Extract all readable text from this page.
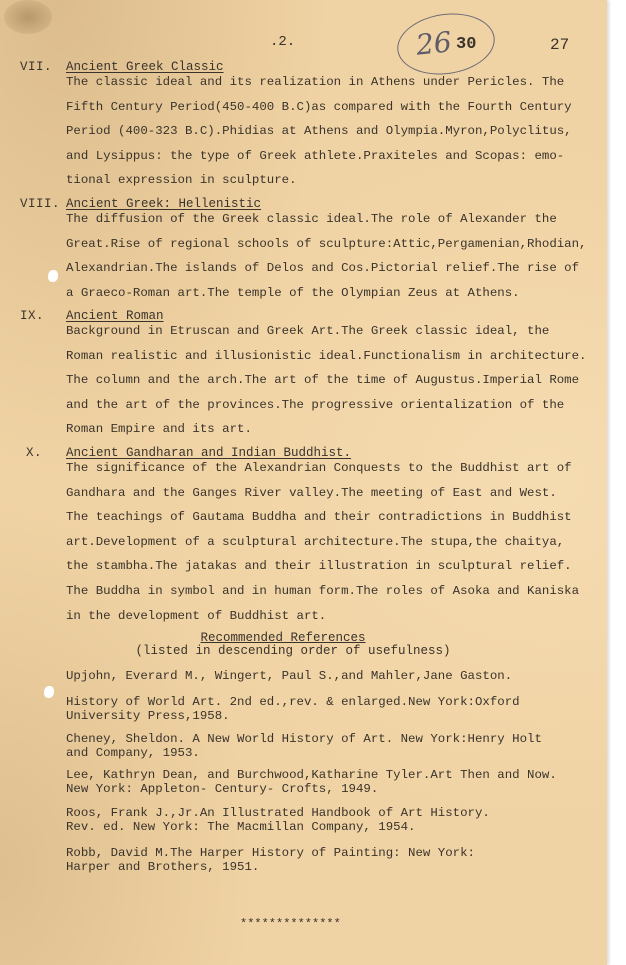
.2.	26 30	27
VII. Ancient Greek Classic

The classic ideal and its realization in Athens under Pericles. The
Fifth Century Period(450-400 B.C)as compared with the Fourth Century
Period (400-323 B.C).Phidias at Athens and Olympia.Myron,Polyclitus,
and Lysippus: the type of Greek athlete.Praxiteles and Scopas: emo-
tional expression in sculpture.

VIII. Ancient Greek: Hellenistic

The diffusion of the Greek classic ideal.The role of Alexander the
Great.Rise of regional schools of sculpture:Attic,Pergamenian,Rhodian,
Alexandrian.The islands of Delos and Cos.Pictorial relief.The rise of
a Graeco-Roman art.The temple of the Olympian Zeus at Athens.

IX. Ancient Roman

Background in Etruscan and Greek Art.The Greek classic ideal, the
Roman realistic and illusionistic ideal.Functionalism in architecture.
The column and the arch.The art of the time of Augustus.Imperial Rome
and the art of the provinces.The progressive orientalization of the
Roman Empire and its art.

X. Ancient Gandharan and Indian Buddhist.

The significance of the Alexandrian Conquests to the Buddhist art of
Gandhara and the Ganges River valley.The meeting of East and West.
The teachings of Gautama Buddha and their contradictions in Buddhist
art.Development of a sculptural architecture.The stupa,the chaitya,
the stambha.The jatakas and their illustration in sculptural relief.
The Buddha in symbol and in human form.The roles of Asoka and Kaniska
in the development of Buddhist art.

Recommended References
(listed in descending order of usefulness)
Upjohn, Everard M., Wingert, Paul S.,and Mahler,Jane Gaston.
History of World Art. 2nd ed.,rev. & enlarged.New York:Oxford
University Press,1958.
Cheney, Sheldon. A New World History of Art. New York:Henry Holt
and Company, 1953.
Lee, Kathryn Dean, and Burchwood,Katharine Tyler.Art Then and Now.
New York: Appleton- Century- Crofts, 1949.
Roos, Frank J.,Jr.An Illustrated Handbook of Art History.
Rev. ed. New York: The Macmillan Company, 1954.
Robb, David M.The Harper History of Painting: New York:
Harper and Brothers, 1951.
**************
